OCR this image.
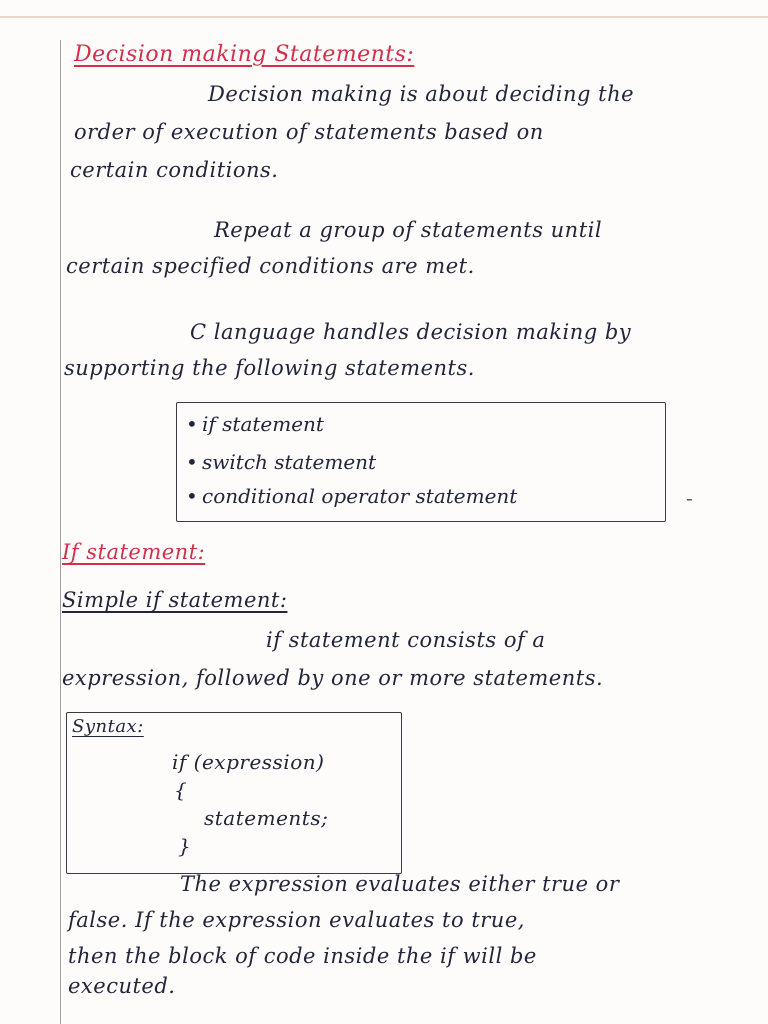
Decision making Statements:
Decision making is about deciding the
order of execution of statements based on
certain conditions.
Repeat a group of statements until
certain specified conditions are met.
C language handles decision making by
supporting the following statements.
• if statement
• switch statement
• conditional operator statement	-
If statement:
Simple if statement:
if statement consists of a
expression, followed by one or more statements.
Syntax:
if (expression)
{
statements;
}
The expression evaluates either true or
false. If the expression evaluates to true,
then the block of code inside the if will be
executed.
